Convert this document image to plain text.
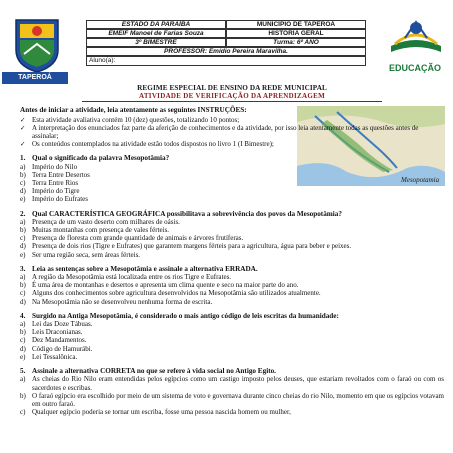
TAPEROÁ
EDUCAÇÃO
ESTADO DA PARAÍBA	MUNICÍPIO DE TAPEROÁ
EMEIF Manoel de Farias Souza	HISTORIA GERAL
3º BIMESTRE	Turma: 6º ANO
PROFESSOR: Emídio Pereira Maravilha.
Aluno(a):
Mesopotamia
REGIME ESPECIAL DE ENSINO DA REDE MUNICIPAL
ATIVIDADE DE VERIFICAÇÃO DA APRENDIZAGEM
Antes de iniciar a atividade, leia atentamente as seguintes INSTRUÇÕES:
✓ Esta atividade avaliativa contém 10 (dez) questões, totalizando 10 pontos;
✓ A interpretação dos enunciados faz parte da aferição de conhecimentos e da atividade, por isso leia atentamente todas as questões antes de assinalar;
✓ Os conteúdos contemplados na atividade estão todos dispostos no livro 1 (I Bimestre);
1. Qual o significado da palavra Mesopotâmia?
a) Império do Nilo
b) Terra Entre Desertos
c) Terra Entre Rios
d) Império do Tigre
e) Império do Eufrates
2. Qual CARACTERÍSTICA GEOGRÁFICA possibilitava a sobrevivência dos povos da Mesopotâmia?
a) Presença de um vasto deserto com milhares de oásis.
b) Muitas montanhas com presença de vales férteis.
c) Presença de floresta com grande quantidade de animais e árvores frutíferas.
d) Presença de dois rios (Tigre e Eufrates) que garantem margens férteis para a agricultura, água para beber e peixes.
e) Ser uma região seca, sem áreas férteis.
3. Leia as sentenças sobre a Mesopotâmia e assinale a alternativa ERRADA.
a) A região da Mesopotâmia está localizada entre os rios Tigre e Eufrates.
b) É uma área de montanhas e desertos e apresenta um clima quente e seco na maior parte do ano.
c) Alguns dos conhecimentos sobre agricultura desenvolvidos na Mesopotâmia são utilizados atualmente.
d) Na Mesopotâmia não se desenvolveu nenhuma forma de escrita.
4. Surgido na Antiga Mesopotâmia, é considerado o mais antigo código de leis escritas da humanidade:
a) Lei das Doze Tábuas.
b) Leis Draconianas.
c) Dez Mandamentos.
d) Código de Hamurábi.
e) Lei Tessalônica.
5. Assinale a alternativa CORRETA no que se refere à vida social no Antigo Egito.
a) As cheias do Rio Nilo eram entendidas pelos egípcios como um castigo imposto pelos deuses, que estariam revoltados com o faraó ou com os sacerdotes e escribas.
b) O faraó egípcio era escolhido por meio de um sistema de voto e governava durante cinco cheias do rio Nilo, momento em que os egípcios votavam em outro faraó.
c) Qualquer egípcio poderia se tornar um escriba, fosse uma pessoa nascida homem ou mulher,
